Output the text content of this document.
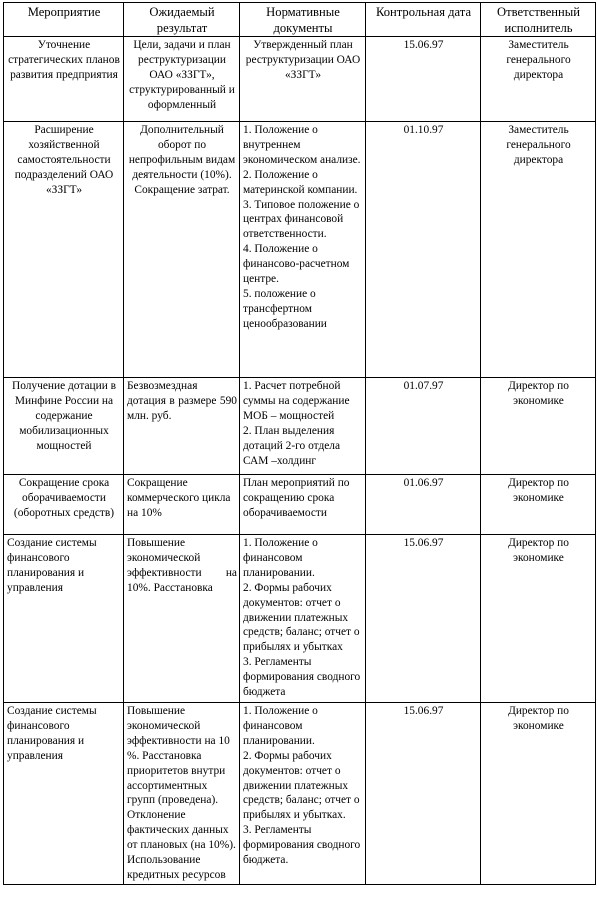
Мероприятие	Ожидаемый результат	Нормативные документы	Контрольная дата	Ответственный исполнитель
Уточнение стратегических планов развития предприятия	Цели, задачи и план реструктуризации ОАО «ЗЗГТ», структурированный и оформленный	Утвержденный план реструктуризации ОАО «ЗЗГТ»	15.06.97	Заместитель генерального директора
Расширение хозяйственной самостоятельности подразделений ОАО «ЗЗГТ»	Дополнительный оборот по непрофильным видам деятельности (10%). Сокращение затрат.	1. Положение о внутреннем экономическом анализе.
2. Положение о материнской компании.
3. Типовое положение о центрах финансовой ответственности.
4. Положение о финансово-расчетном центре.
5. положение о трансфертном ценообразовании	01.10.97	Заместитель генерального директора
Получение дотации в Минфине России на содержание мобилизационных мощностей	Безвозмездная дотация в размере 590 млн. руб.	1. Расчет потребной суммы на содержание МОБ – мощностей
2. План выделения дотаций 2-го отдела САМ –холдинг	01.07.97	Директор по экономике
Сокращение срока оборачиваемости (оборотных средств)	Сокращение коммерческого цикла на 10%	План мероприятий по сокращению срока оборачиваемости	01.06.97	Директор по экономике
Создание системы финансового планирования и управления	Повышение экономической эффективности на 10%. Расстановка	1. Положение о финансовом планировании.
2. Формы рабочих документов: отчет о движении платежных средств; баланс; отчет о прибылях и убытках
3. Регламенты формирования сводного бюджета	15.06.97	Директор по экономике
Создание системы финансового планирования и управления	Повышение экономической эффективности на 10 %. Расстановка приоритетов внутри ассортиментных групп (проведена). Отклонение фактических данных от плановых (на 10%). Использование кредитных ресурсов	1. Положение о финансовом планировании.
2. Формы рабочих документов: отчет о движении платежных средств; баланс; отчет о прибылях и убытках.
3. Регламенты формирования сводного бюджета.	15.06.97	Директор по экономике
